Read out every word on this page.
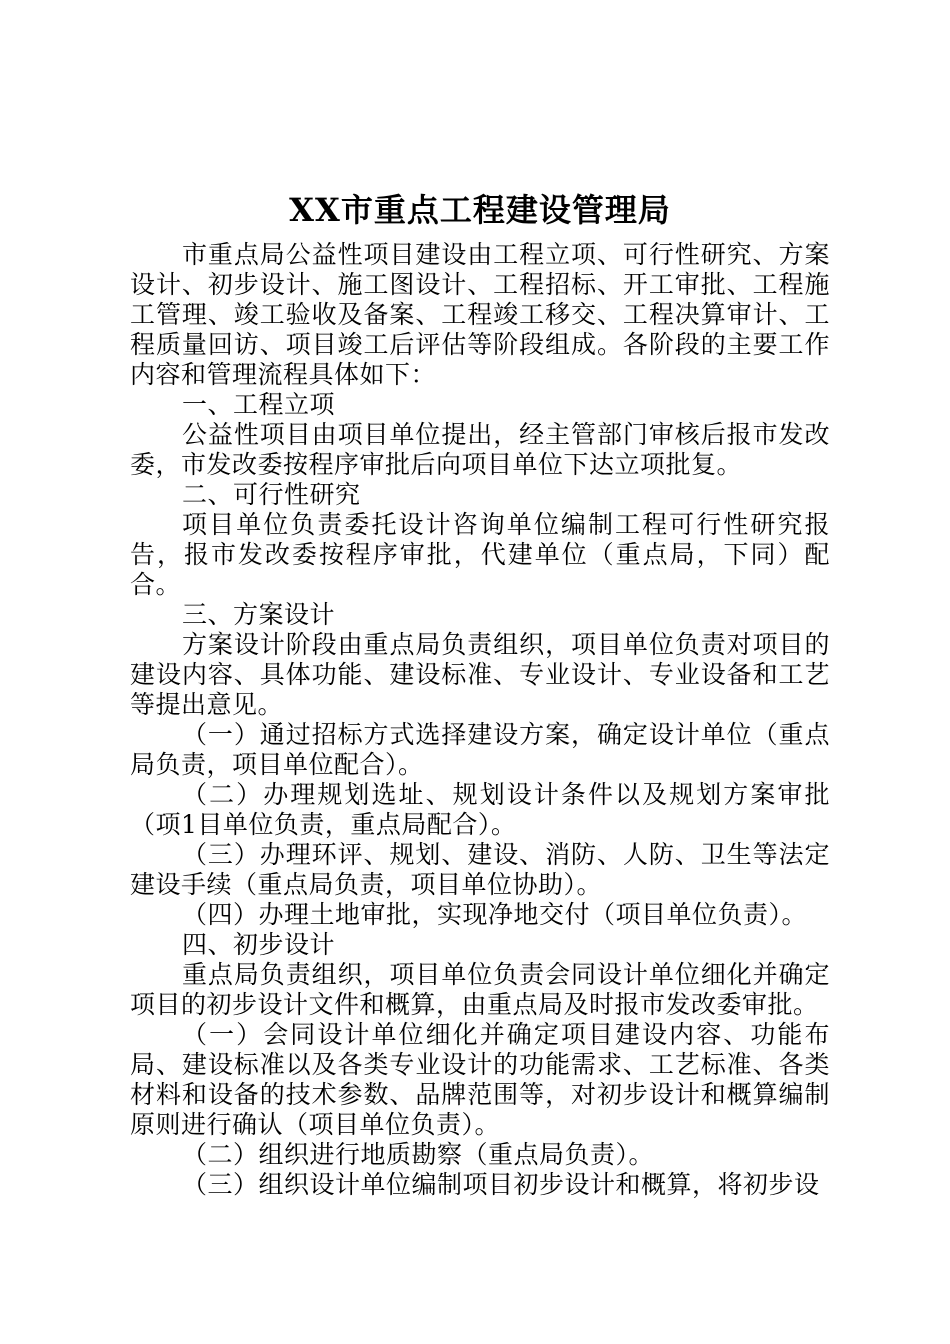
XX市重点工程建设管理局

市重点局公益性项目建设由工程立项、可行性研究、方案设计、初步设计、施工图设计、工程招标、开工审批、工程施工管理、竣工验收及备案、工程竣工移交、工程决算审计、工程质量回访、项目竣工后评估等阶段组成。各阶段的主要工作内容和管理流程具体如下：

一、工程立项

公益性项目由项目单位提出，经主管部门审核后报市发改委，市发改委按程序审批后向项目单位下达立项批复。

二、可行性研究

项目单位负责委托设计咨询单位编制工程可行性研究报告，报市发改委按程序审批，代建单位（重点局，下同）配合。

三、方案设计

方案设计阶段由重点局负责组织，项目单位负责对项目的建设内容、具体功能、建设标准、专业设计、专业设备和工艺等提出意见。

（一）通过招标方式选择建设方案，确定设计单位（重点局负责，项目单位配合）。

（二）办理规划选址、规划设计条件以及规划方案审批（项1目单位负责，重点局配合）。

（三）办理环评、规划、建设、消防、人防、卫生等法定建设手续（重点局负责，项目单位协助）。

（四）办理土地审批，实现净地交付（项目单位负责）。

四、初步设计

重点局负责组织，项目单位负责会同设计单位细化并确定项目的初步设计文件和概算，由重点局及时报市发改委审批。

（一）会同设计单位细化并确定项目建设内容、功能布局、建设标准以及各类专业设计的功能需求、工艺标准、各类材料和设备的技术参数、品牌范围等，对初步设计和概算编制原则进行确认（项目单位负责）。

（二）组织进行地质勘察（重点局负责）。

（三）组织设计单位编制项目初步设计和概算，将初步设
